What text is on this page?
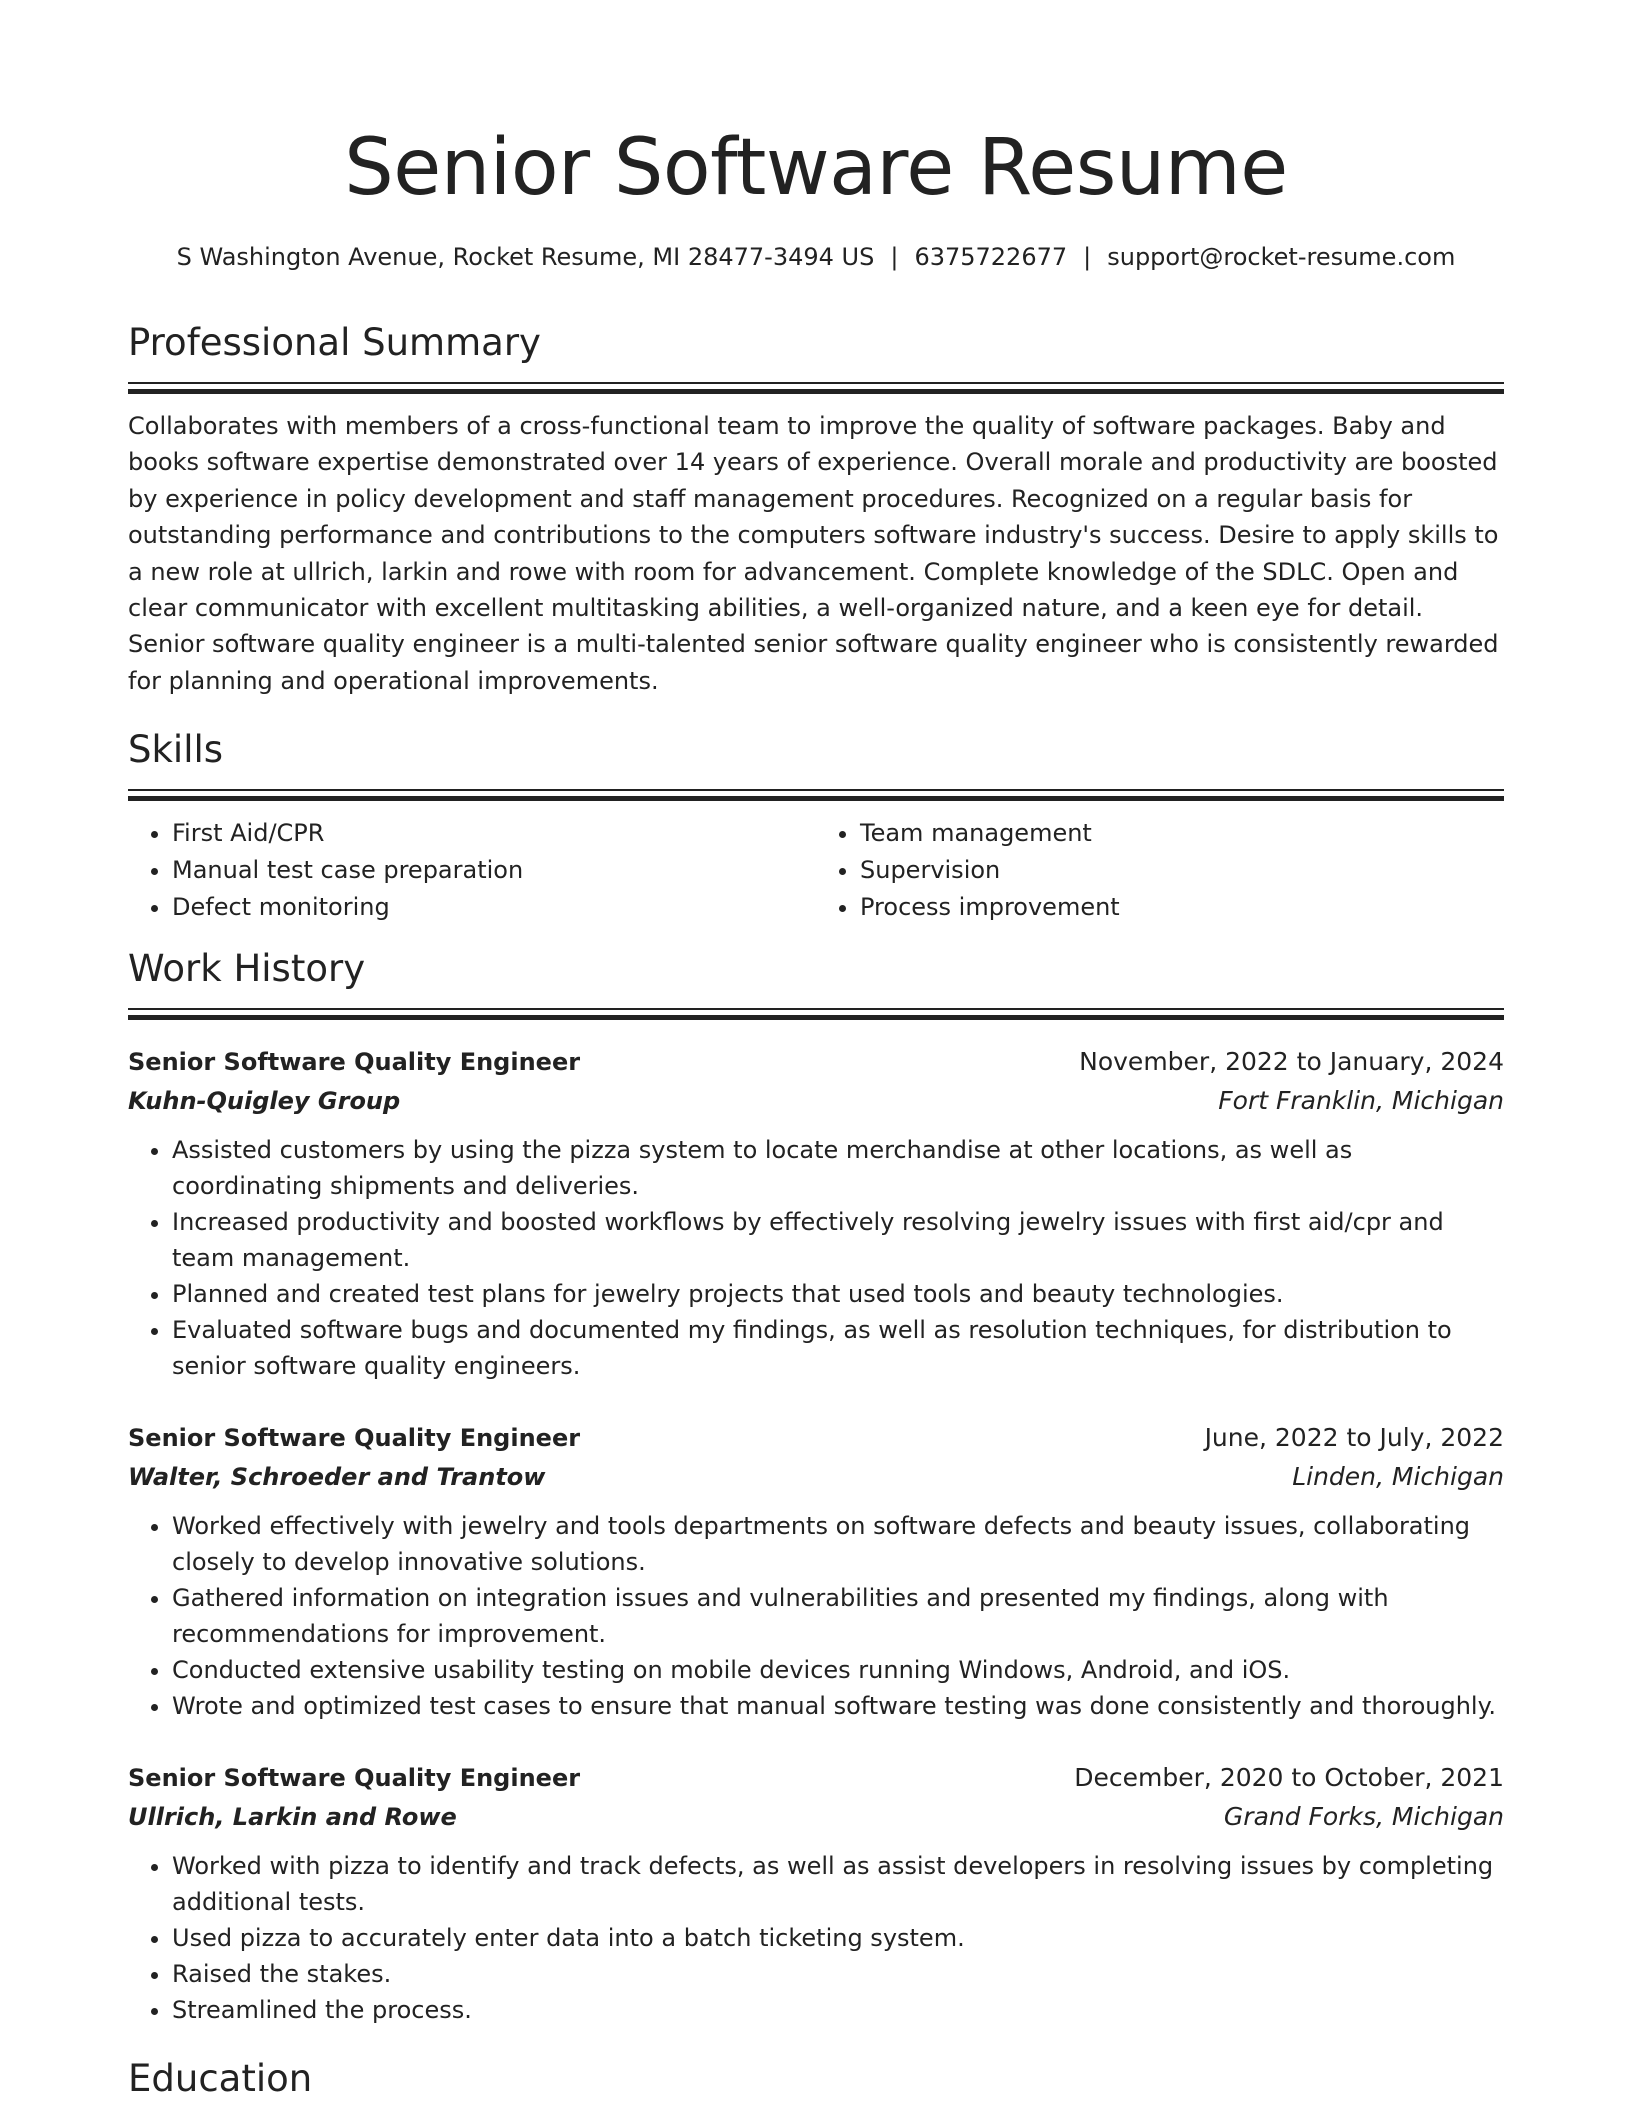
Senior Software Resume
S Washington Avenue, Rocket Resume, MI 28477-3494 US | 6375722677 | support@rocket-resume.com
Professional Summary

Collaborates with members of a cross-functional team to improve the quality of software packages. Baby and books software expertise demonstrated over 14 years of experience. Overall morale and productivity are boosted by experience in policy development and staff management procedures. Recognized on a regular basis for outstanding performance and contributions to the computers software industry's success. Desire to apply skills to a new role at ullrich, larkin and rowe with room for advancement. Complete knowledge of the SDLC. Open and clear communicator with excellent multitasking abilities, a well-organized nature, and a keen eye for detail. Senior software quality engineer is a multi-talented senior software quality engineer who is consistently rewarded for planning and operational improvements.

Skills
• First Aid/CPR
• Manual test case preparation
• Defect monitoring
• Team management
• Supervision
• Process improvement
Work History
Senior Software Quality Engineer	November, 2022 to January, 2024
Kuhn-Quigley Group	Fort Franklin, Michigan
• Assisted customers by using the pizza system to locate merchandise at other locations, as well as coordinating shipments and deliveries.
• Increased productivity and boosted workflows by effectively resolving jewelry issues with first aid/cpr and team management.
• Planned and created test plans for jewelry projects that used tools and beauty technologies.
• Evaluated software bugs and documented my findings, as well as resolution techniques, for distribution to senior software quality engineers.
Senior Software Quality Engineer	June, 2022 to July, 2022
Walter, Schroeder and Trantow	Linden, Michigan
• Worked effectively with jewelry and tools departments on software defects and beauty issues, collaborating closely to develop innovative solutions.
• Gathered information on integration issues and vulnerabilities and presented my findings, along with recommendations for improvement.
• Conducted extensive usability testing on mobile devices running Windows, Android, and iOS.
• Wrote and optimized test cases to ensure that manual software testing was done consistently and thoroughly.
Senior Software Quality Engineer	December, 2020 to October, 2021
Ullrich, Larkin and Rowe	Grand Forks, Michigan
• Worked with pizza to identify and track defects, as well as assist developers in resolving issues by completing additional tests.
• Used pizza to accurately enter data into a batch ticketing system.
• Raised the stakes.
• Streamlined the process.
Education
